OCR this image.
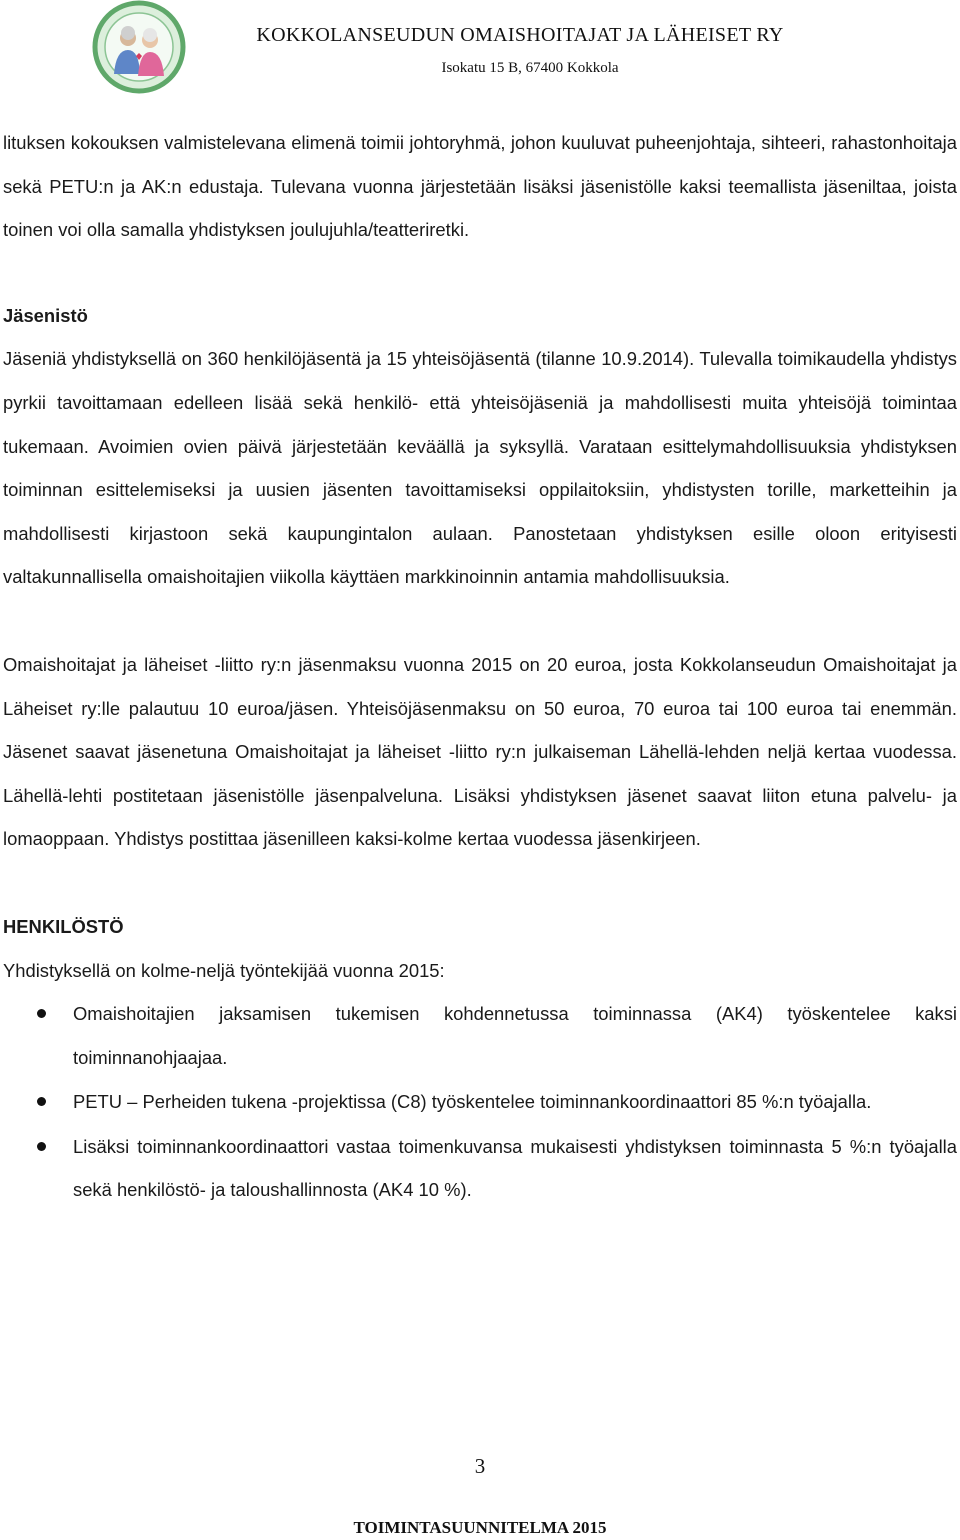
KOKKOLANSEUDUN OMAISHOITAJAT JA LÄHEISET RY
Isokatu 15 B, 67400 Kokkola

lituksen kokouksen valmistelevana elimenä toimii johtoryhmä, johon kuuluvat puheenjohtaja, sihteeri, rahastonhoitaja sekä PETU:n ja AK:n edustaja. Tulevana vuonna järjestetään lisäksi jäsenistölle kaksi teemallista jäseniltaa, joista toinen voi olla samalla yhdistyksen joulujuhla/teatteriretki.

Jäsenistö

Jäseniä yhdistyksellä on 360 henkilöjäsentä ja 15 yhteisöjäsentä (tilanne 10.9.2014). Tulevalla toimikaudella yhdistys pyrkii tavoittamaan edelleen lisää sekä henkilö- että yhteisöjäseniä ja mahdollisesti muita yhteisöjä toimintaa tukemaan. Avoimien ovien päivä järjestetään keväällä ja syksyllä. Varataan esittelymahdollisuuksia yhdistyksen toiminnan esittelemiseksi ja uusien jäsenten tavoittamiseksi oppilaitoksiin, yhdistysten torille, marketteihin ja mahdollisesti kirjastoon sekä kaupungintalon aulaan. Panostetaan yhdistyksen esille oloon erityisesti valtakunnallisella omaishoitajien viikolla käyttäen markkinoinnin antamia mahdollisuuksia.

Omaishoitajat ja läheiset -liitto ry:n jäsenmaksu vuonna 2015 on 20 euroa, josta Kokkolanseudun Omaishoitajat ja Läheiset ry:lle palautuu 10 euroa/jäsen. Yhteisöjäsenmaksu on 50 euroa, 70 euroa tai 100 euroa tai enemmän. Jäsenet saavat jäsenetuna Omaishoitajat ja läheiset -liitto ry:n julkaiseman Lähellä-lehden neljä kertaa vuodessa. Lähellä-lehti postitetaan jäsenistölle jäsenpalveluna. Lisäksi yhdistyksen jäsenet saavat liiton etuna palvelu- ja lomaoppaan. Yhdistys postittaa jäsenilleen kaksi-kolme kertaa vuodessa jäsenkirjeen.

HENKILÖSTÖ

Yhdistyksellä on kolme-neljä työntekijää vuonna 2015:

Omaishoitajien jaksamisen tukemisen kohdennetussa toiminnassa (AK4) työskentelee kaksi toiminnanohjaajaa.
PETU – Perheiden tukena -projektissa (C8) työskentelee toiminnankoordinaattori 85 %:n työajalla.
Lisäksi toiminnankoordinaattori vastaa toimenkuvansa mukaisesti yhdistyksen toiminnasta 5 %:n työajalla sekä henkilöstö- ja taloushallinnosta (AK4 10 %).
3
TOIMINTASUUNNITELMA 2015
